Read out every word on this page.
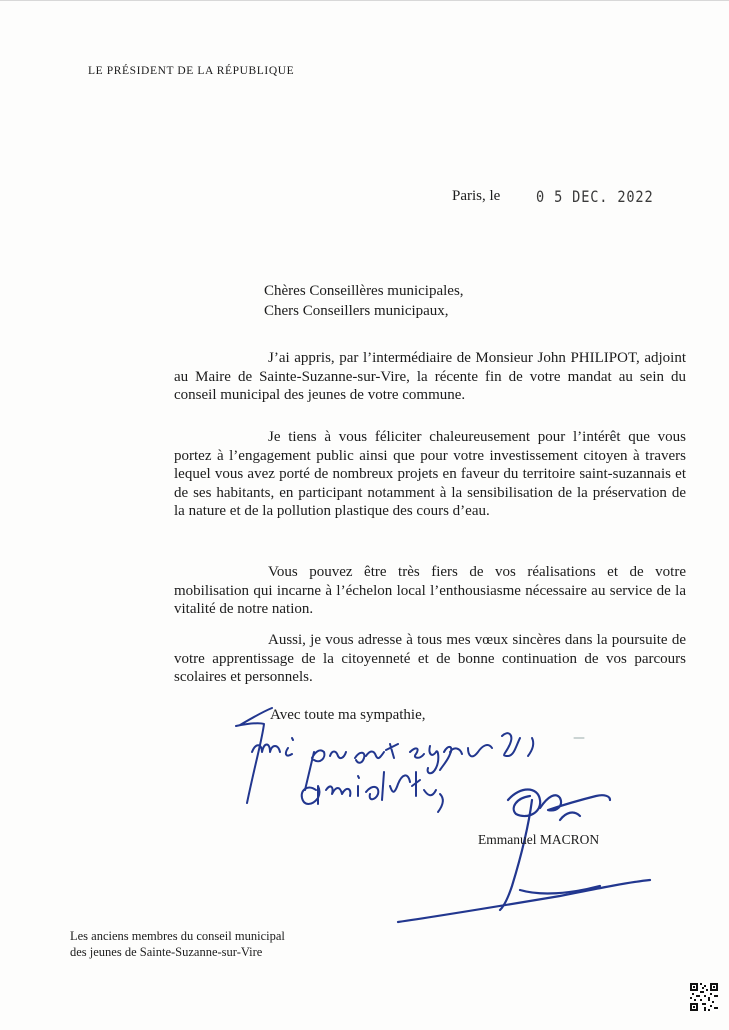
LE PRÉSIDENT DE LA RÉPUBLIQUE

Paris, le 0 5 DEC. 2022

Chères Conseillères municipales,
Chers Conseillers municipaux,

J’ai appris, par l’intermédiaire de Monsieur John PHILIPOT, adjoint au Maire de Sainte-Suzanne-sur-Vire, la récente fin de votre mandat au sein du conseil municipal des jeunes de votre commune.

Je tiens à vous féliciter chaleureusement pour l’intérêt que vous portez à l’engagement public ainsi que pour votre investissement citoyen à travers lequel vous avez porté de nombreux projets en faveur du territoire saint-suzannais et de ses habitants, en participant notamment à la sensibilisation de la préservation de la nature et de la pollution plastique des cours d’eau.

Vous pouvez être très fiers de vos réalisations et de votre mobilisation qui incarne à l’échelon local l’enthousiasme nécessaire au service de la vitalité de notre nation.

Aussi, je vous adresse à tous mes vœux sincères dans la poursuite de votre apprentissage de la citoyenneté et de bonne continuation de vos parcours scolaires et personnels.

Avec toute ma sympathie,

Emmanuel MACRON

Les anciens membres du conseil municipal
des jeunes de Sainte-Suzanne-sur-Vire
